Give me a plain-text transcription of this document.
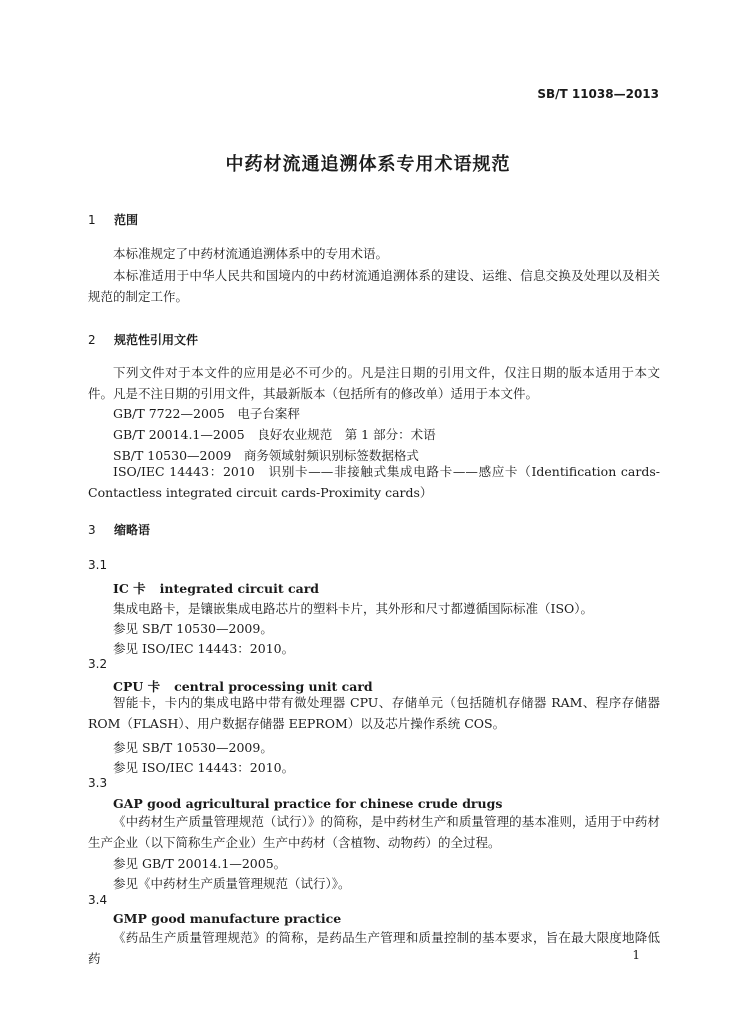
SB/T 11038—2013
中药材流通追溯体系专用术语规范
1 范围
本标准规定了中药材流通追溯体系中的专用术语。
本标准适用于中华人民共和国境内的中药材流通追溯体系的建设、运维、信息交换及处理以及相关规范的制定工作。
2 规范性引用文件
下列文件对于本文件的应用是必不可少的。凡是注日期的引用文件，仅注日期的版本适用于本文件。凡是不注日期的引用文件，其最新版本（包括所有的修改单）适用于本文件。
GB/T 7722—2005　电子台案秤
GB/T 20014.1—2005　良好农业规范　第 1 部分：术语
SB/T 10530—2009　商务领域射频识别标签数据格式
ISO/IEC 14443：2010　识别卡——非接触式集成电路卡——感应卡（Identification cards-Contactless integrated circuit cards-Proximity cards）
3 缩略语
3.1
IC 卡 integrated circuit card
集成电路卡，是镶嵌集成电路芯片的塑料卡片，其外形和尺寸都遵循国际标准（ISO）。
参见 SB/T 10530—2009。
参见 ISO/IEC 14443：2010。
3.2
CPU 卡 central processing unit card
智能卡，卡内的集成电路中带有微处理器 CPU、存储单元（包括随机存储器 RAM、程序存储器 ROM（FLASH）、用户数据存储器 EEPROM）以及芯片操作系统 COS。
参见 SB/T 10530—2009。
参见 ISO/IEC 14443：2010。
3.3
GAP good agricultural practice for chinese crude drugs
《中药材生产质量管理规范（试行）》的简称，是中药材生产和质量管理的基本准则，适用于中药材生产企业（以下简称生产企业）生产中药材（含植物、动物药）的全过程。
参见 GB/T 20014.1—2005。
参见《中药材生产质量管理规范（试行）》。
3.4
GMP good manufacture practice
《药品生产质量管理规范》的简称，是药品生产管理和质量控制的基本要求，旨在最大限度地降低药	1
